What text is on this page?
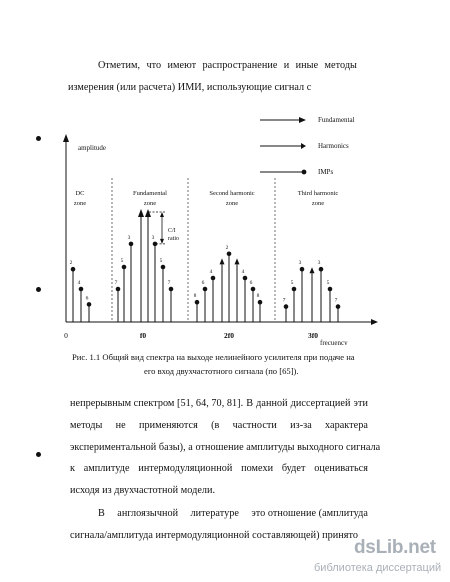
Отметим, что имеют распространение и иные методы
измерения (или расчета) ИМИ, использующие сигнал с
amplitude
frecuency
Fundamental
Harmonics
IMPs
DC
zone
Fundamental
zone
Second harmonic
zone
Third harmonic
zone
0	f0	2f0	3f0
C/I
ratio
2
4
6
7
5
3	3
5
7
8
6
4
2
4
6
8
7
5
3	3
5
7
Рис. 1.1 Общий вид спектра на выходе нелинейного усилителя при подаче на
его вход двухчастотного сигнала (по [65]).
непрерывным спектром [51, 64, 70, 81]. В данной диссертацией эти
методы не применяются (в частности из-за характера
экспериментальной базы), а отношение амплитуды выходного сигнала
к амплитуде интермодуляционной помехи будет оцениваться
исходя из двухчастотной модели.
В англоязычной литературе это отношение (амплитуда
сигнала/амплитуда интермодуляционной составляющей) принято
dsLib.net
библиотека диссертаций
